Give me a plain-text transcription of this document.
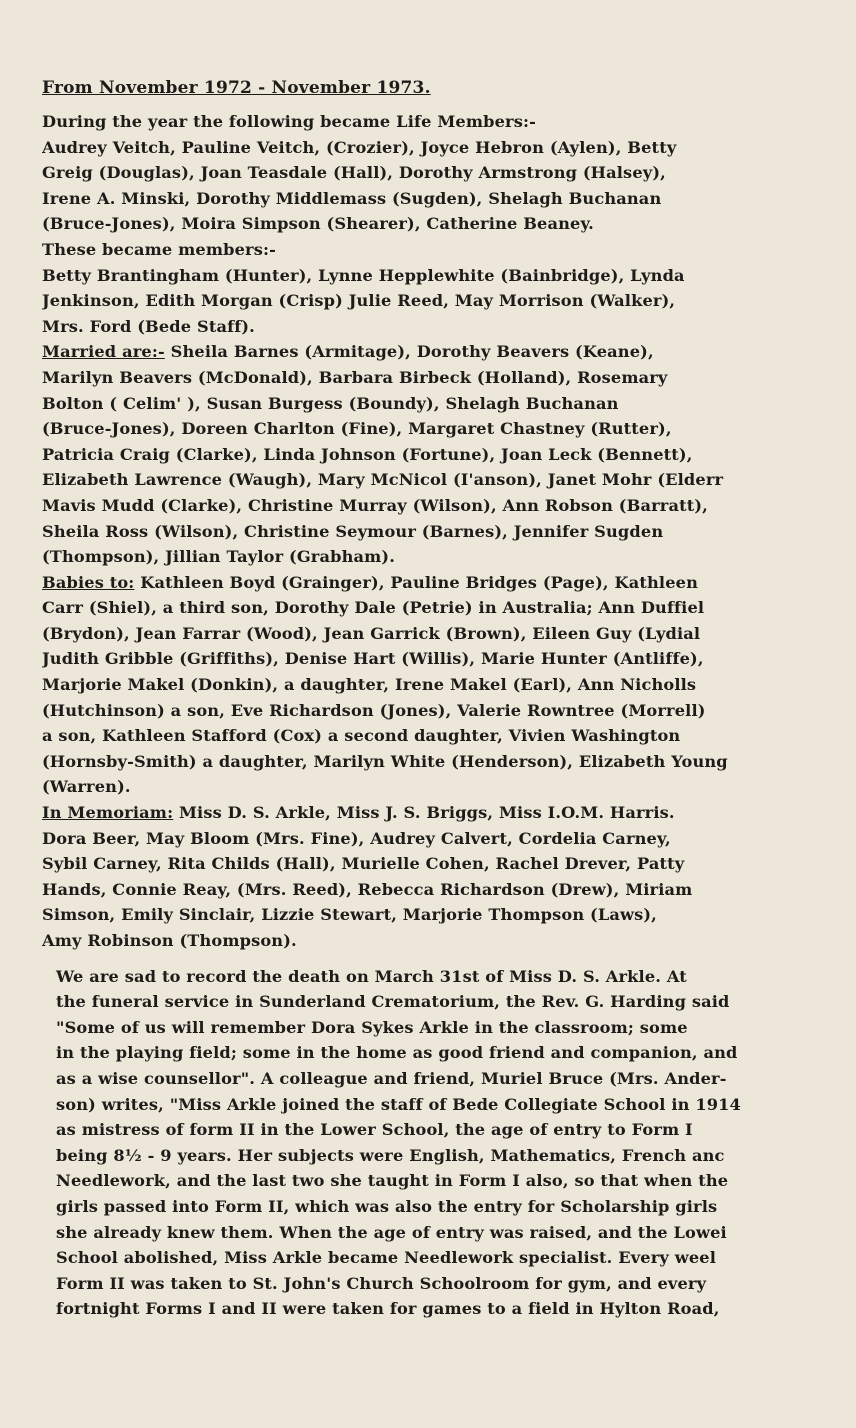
From November 1972 - November 1973.
During the year the following became Life Members:-
Audrey Veitch, Pauline Veitch, (Crozier), Joyce Hebron (Aylen), Betty
Greig (Douglas), Joan Teasdale (Hall), Dorothy Armstrong (Halsey),
Irene A. Minski, Dorothy Middlemass (Sugden), Shelagh Buchanan
(Bruce-Jones), Moira Simpson (Shearer), Catherine Beaney.
These became members:-
Betty Brantingham (Hunter), Lynne Hepplewhite (Bainbridge), Lynda
Jenkinson, Edith Morgan (Crisp) Julie Reed, May Morrison (Walker),
Mrs. Ford (Bede Staff).
Married are:- Sheila Barnes (Armitage), Dorothy Beavers (Keane),
Marilyn Beavers (McDonald), Barbara Birbeck (Holland), Rosemary
Bolton ( Celim' ), Susan Burgess (Boundy), Shelagh Buchanan
(Bruce-Jones), Doreen Charlton (Fine), Margaret Chastney (Rutter),
Patricia Craig (Clarke), Linda Johnson (Fortune), Joan Leck (Bennett),
Elizabeth Lawrence (Waugh), Mary McNicol (I'anson), Janet Mohr (Elderr
Mavis Mudd (Clarke), Christine Murray (Wilson), Ann Robson (Barratt),
Sheila Ross (Wilson), Christine Seymour (Barnes), Jennifer Sugden
(Thompson), Jillian Taylor (Grabham).
Babies to: Kathleen Boyd (Grainger), Pauline Bridges (Page), Kathleen
Carr (Shiel), a third son, Dorothy Dale (Petrie) in Australia; Ann Duffiel
(Brydon), Jean Farrar (Wood), Jean Garrick (Brown), Eileen Guy (Lydial
Judith Gribble (Griffiths), Denise Hart (Willis), Marie Hunter (Antliffe),
Marjorie Makel (Donkin), a daughter, Irene Makel (Earl), Ann Nicholls
(Hutchinson) a son, Eve Richardson (Jones), Valerie Rowntree (Morrell)
a son, Kathleen Stafford (Cox) a second daughter, Vivien Washington
(Hornsby-Smith) a daughter, Marilyn White (Henderson), Elizabeth Young
(Warren).
In Memoriam: Miss D. S. Arkle, Miss J. S. Briggs, Miss I.O.M. Harris.
Dora Beer, May Bloom (Mrs. Fine), Audrey Calvert, Cordelia Carney,
Sybil Carney, Rita Childs (Hall), Murielle Cohen, Rachel Drever, Patty
Hands, Connie Reay, (Mrs. Reed), Rebecca Richardson (Drew), Miriam
Simson, Emily Sinclair, Lizzie Stewart, Marjorie Thompson (Laws),
Amy Robinson (Thompson).
We are sad to record the death on March 31st of Miss D. S. Arkle. At
the funeral service in Sunderland Crematorium, the Rev. G. Harding said
"Some of us will remember Dora Sykes Arkle in the classroom; some
in the playing field; some in the home as good friend and companion, and
as a wise counsellor". A colleague and friend, Muriel Bruce (Mrs. Ander-
son) writes, "Miss Arkle joined the staff of Bede Collegiate School in 1914
as mistress of form II in the Lower School, the age of entry to Form I
being 8½ - 9 years. Her subjects were English, Mathematics, French anc
Needlework, and the last two she taught in Form I also, so that when the
girls passed into Form II, which was also the entry for Scholarship girls
she already knew them. When the age of entry was raised, and the Lowei
School abolished, Miss Arkle became Needlework specialist. Every weel
Form II was taken to St. John's Church Schoolroom for gym, and every
fortnight Forms I and II were taken for games to a field in Hylton Road,
